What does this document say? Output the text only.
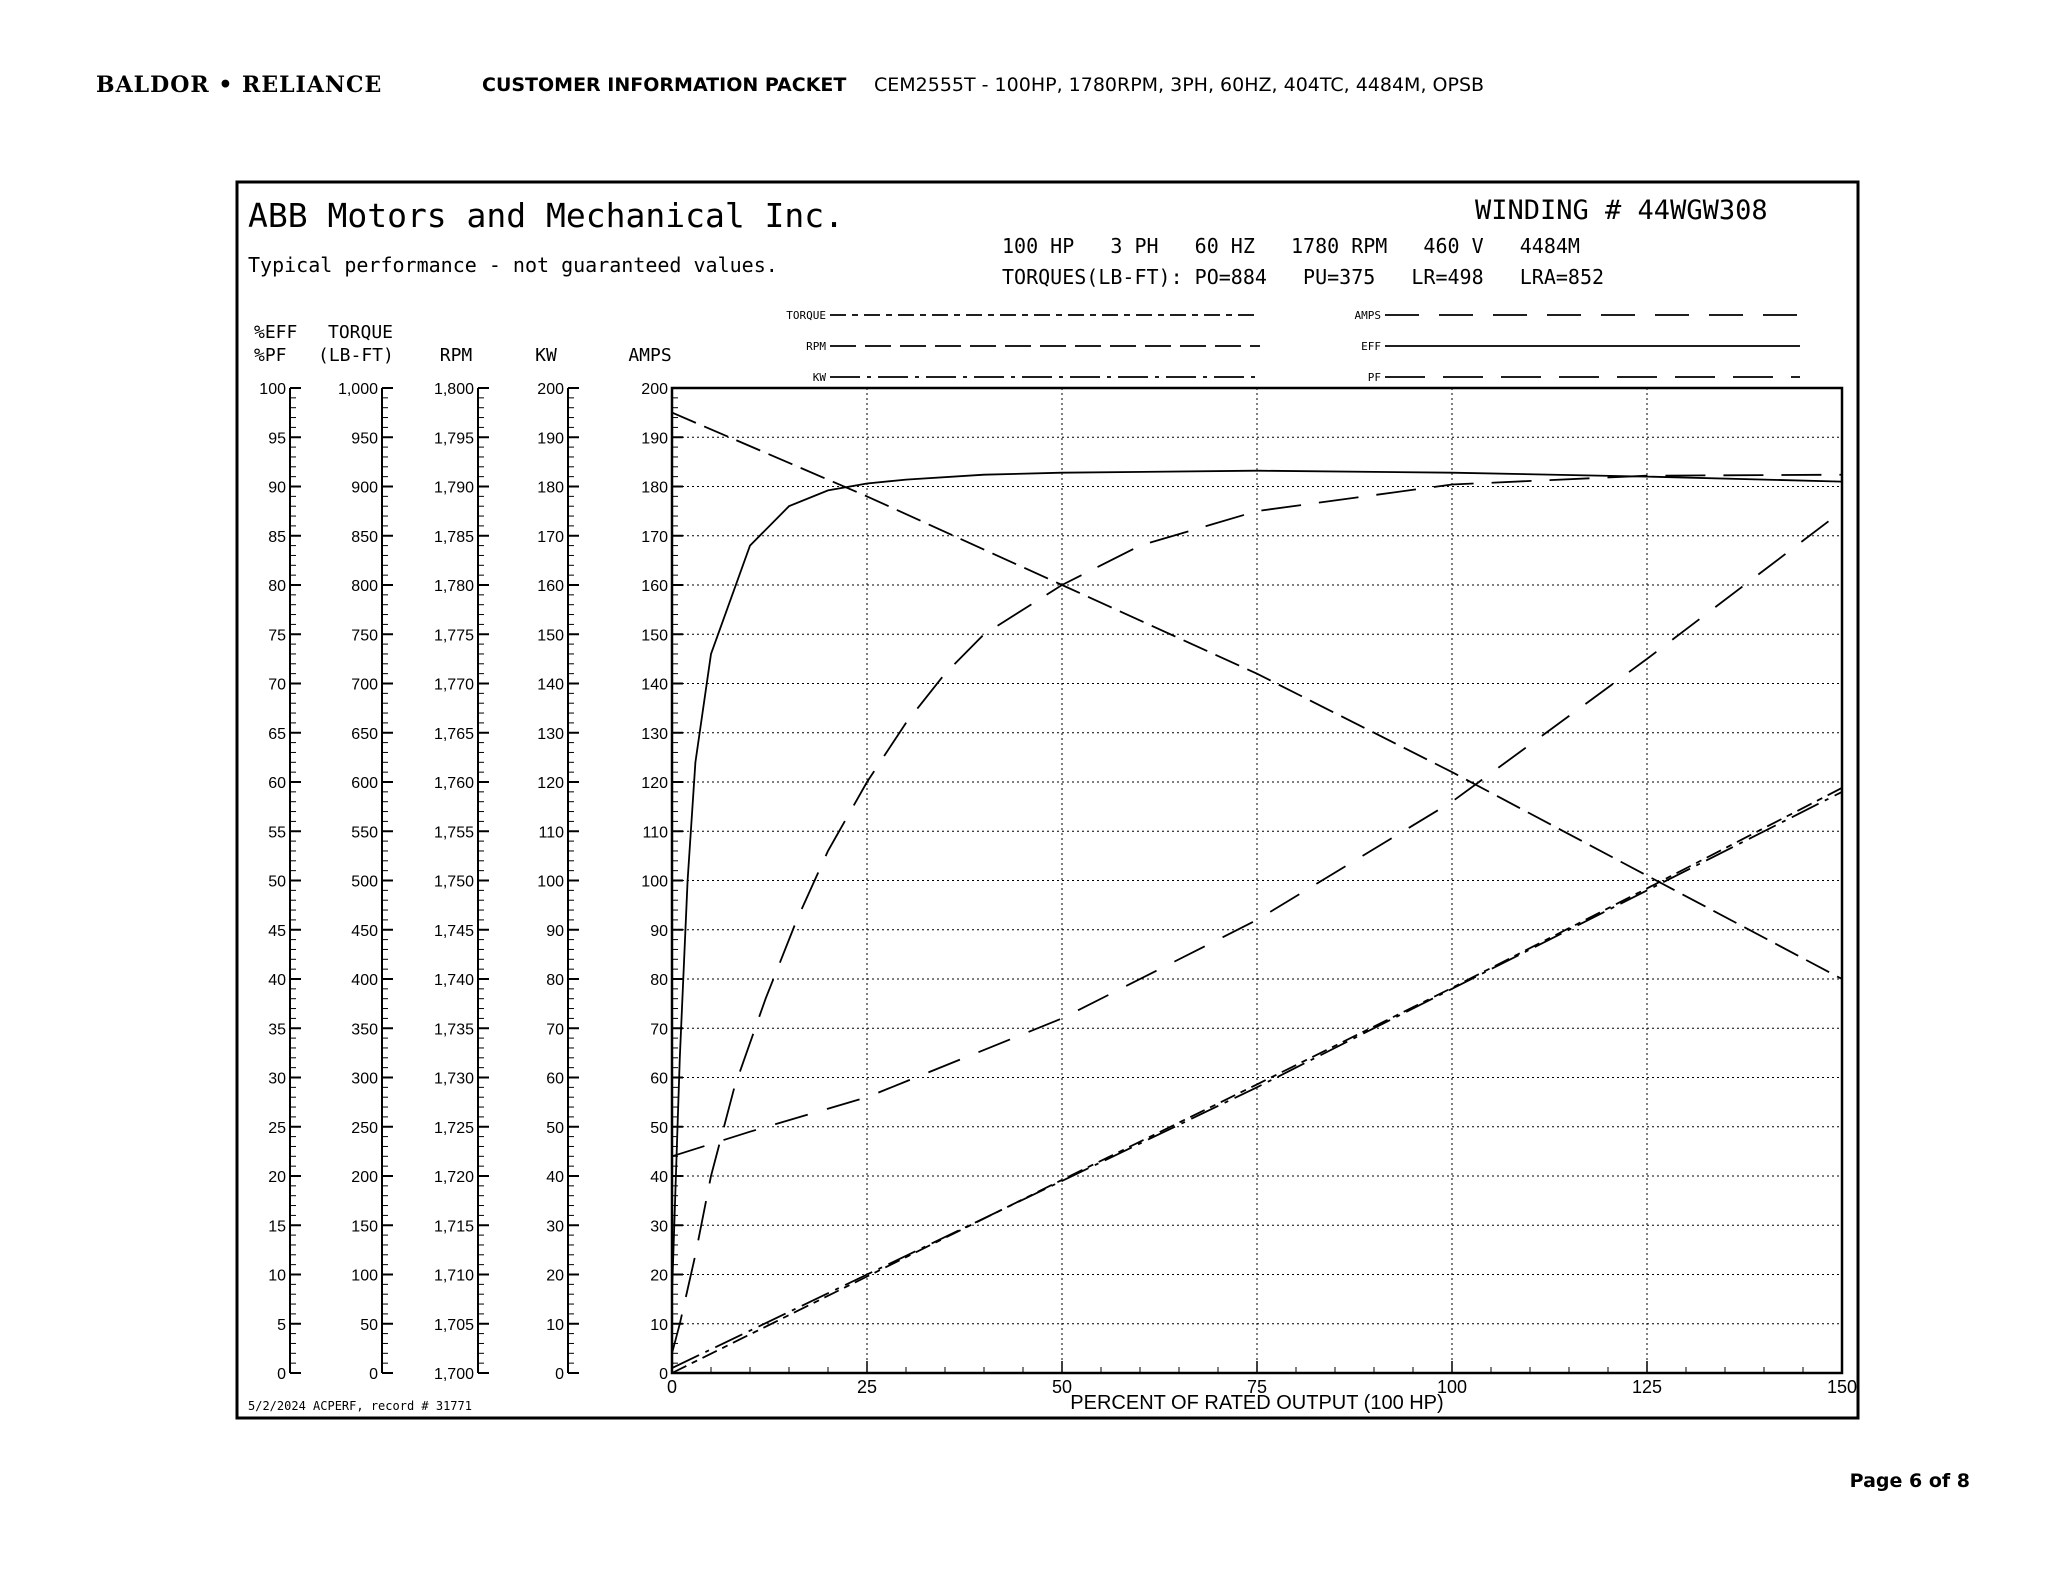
BALDOR • RELIANCE	CUSTOMER INFORMATION PACKET CEM2555T - 100HP, 1780RPM, 3PH, 60HZ, 404TC, 4484M, OPSB
ABB Motors and Mechanical Inc.
Typical performance - not guaranteed values.
WINDING # 44WGW308
100 HP   3 PH   60 HZ   1780 RPM   460 V   4484M
TORQUES(LB-FT): PO=884   PU=375   LR=498   LRA=852
5/2/2024 ACPERF, record # 31771
TORQUE
RPM
KW
AMPS
EFF
PF
0
5
10
15
20
25
30
35
40
45
50
55
60
65
70
75
80
85
90
95
100
%EFF
%PF
0
50
100
150
200
250
300
350
400
450
500
550
600
650
700
750
800
850
900
950
1,000
TORQUE
(LB-FT)
1,700
1,705
1,710
1,715
1,720
1,725
1,730
1,735
1,740
1,745
1,750
1,755
1,760
1,765
1,770
1,775
1,780
1,785
1,790
1,795
1,800
RPM
0
10
20
30
40
50
60
70
80
90
100
110
120
130
140
150
160
170
180
190
200
KW
0
10
20
30
40
50
60
70
80
90
100
110
120
130
140
150
160
170
180
190
200
AMPS
0	25	50	75	100	125	150
PERCENT OF RATED OUTPUT (100 HP)
Page 6 of 8
